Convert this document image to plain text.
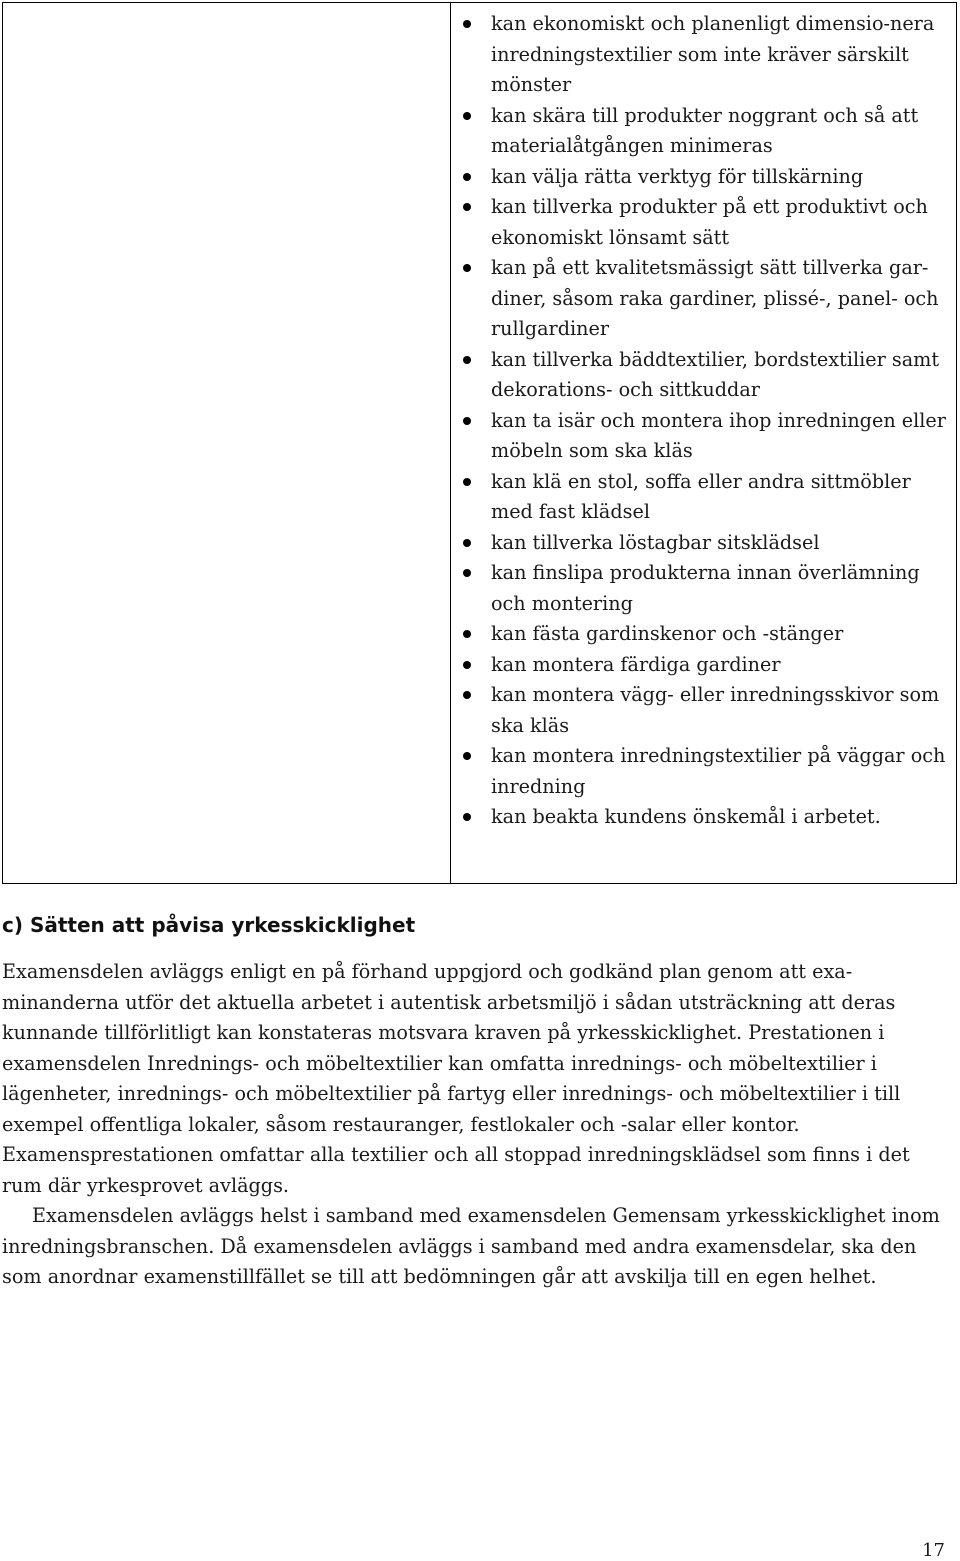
kan ekonomiskt och planenligt dimensio-nera inredningstextilier som inte kräver särskilt mönster
kan skära till produkter noggrant och så att materialåtgången minimeras
kan välja rätta verktyg för tillskärning
kan tillverka produkter på ett produktivt och ekonomiskt lönsamt sätt
kan på ett kvalitetsmässigt sätt tillverka gar-diner, såsom raka gardiner, plissé-, panel- och rullgardiner
kan tillverka bäddtextilier, bordstextilier samt dekorations- och sittkuddar
kan ta isär och montera ihop inredningen eller möbeln som ska kläs
kan klä en stol, soffa eller andra sittmöbler med fast klädsel
kan tillverka löstagbar sitsklädsel
kan finslipa produkterna innan överlämning och montering
kan fästa gardinskenor och -stänger
kan montera färdiga gardiner
kan montera vägg- eller inredningsskivor som ska kläs
kan montera inredningstextilier på väggar och inredning
kan beakta kundens önskemål i arbetet.
c) Sätten att påvisa yrkesskicklighet

Examensdelen avläggs enligt en på förhand uppgjord och godkänd plan genom att exa-minanderna utför det aktuella arbetet i autentisk arbetsmiljö i sådan utsträckning att deras kunnande tillförlitligt kan konstateras motsvara kraven på yrkesskicklighet. Prestationen i examensdelen Inrednings- och möbeltextilier kan omfatta inrednings- och möbeltextilier i lägenheter, inrednings- och möbeltextilier på fartyg eller inrednings- och möbeltextilier i till exempel offentliga lokaler, såsom restauranger, festlokaler och -salar eller kontor. Examensprestationen omfattar alla textilier och all stoppad inredningsklädsel som finns i det rum där yrkesprovet avläggs.

Examensdelen avläggs helst i samband med examensdelen Gemensam yrkesskicklighet inom inredningsbranschen. Då examensdelen avläggs i samband med andra examensdelar, ska den som anordnar examenstillfället se till att bedömningen går att avskilja till en egen helhet.

17
